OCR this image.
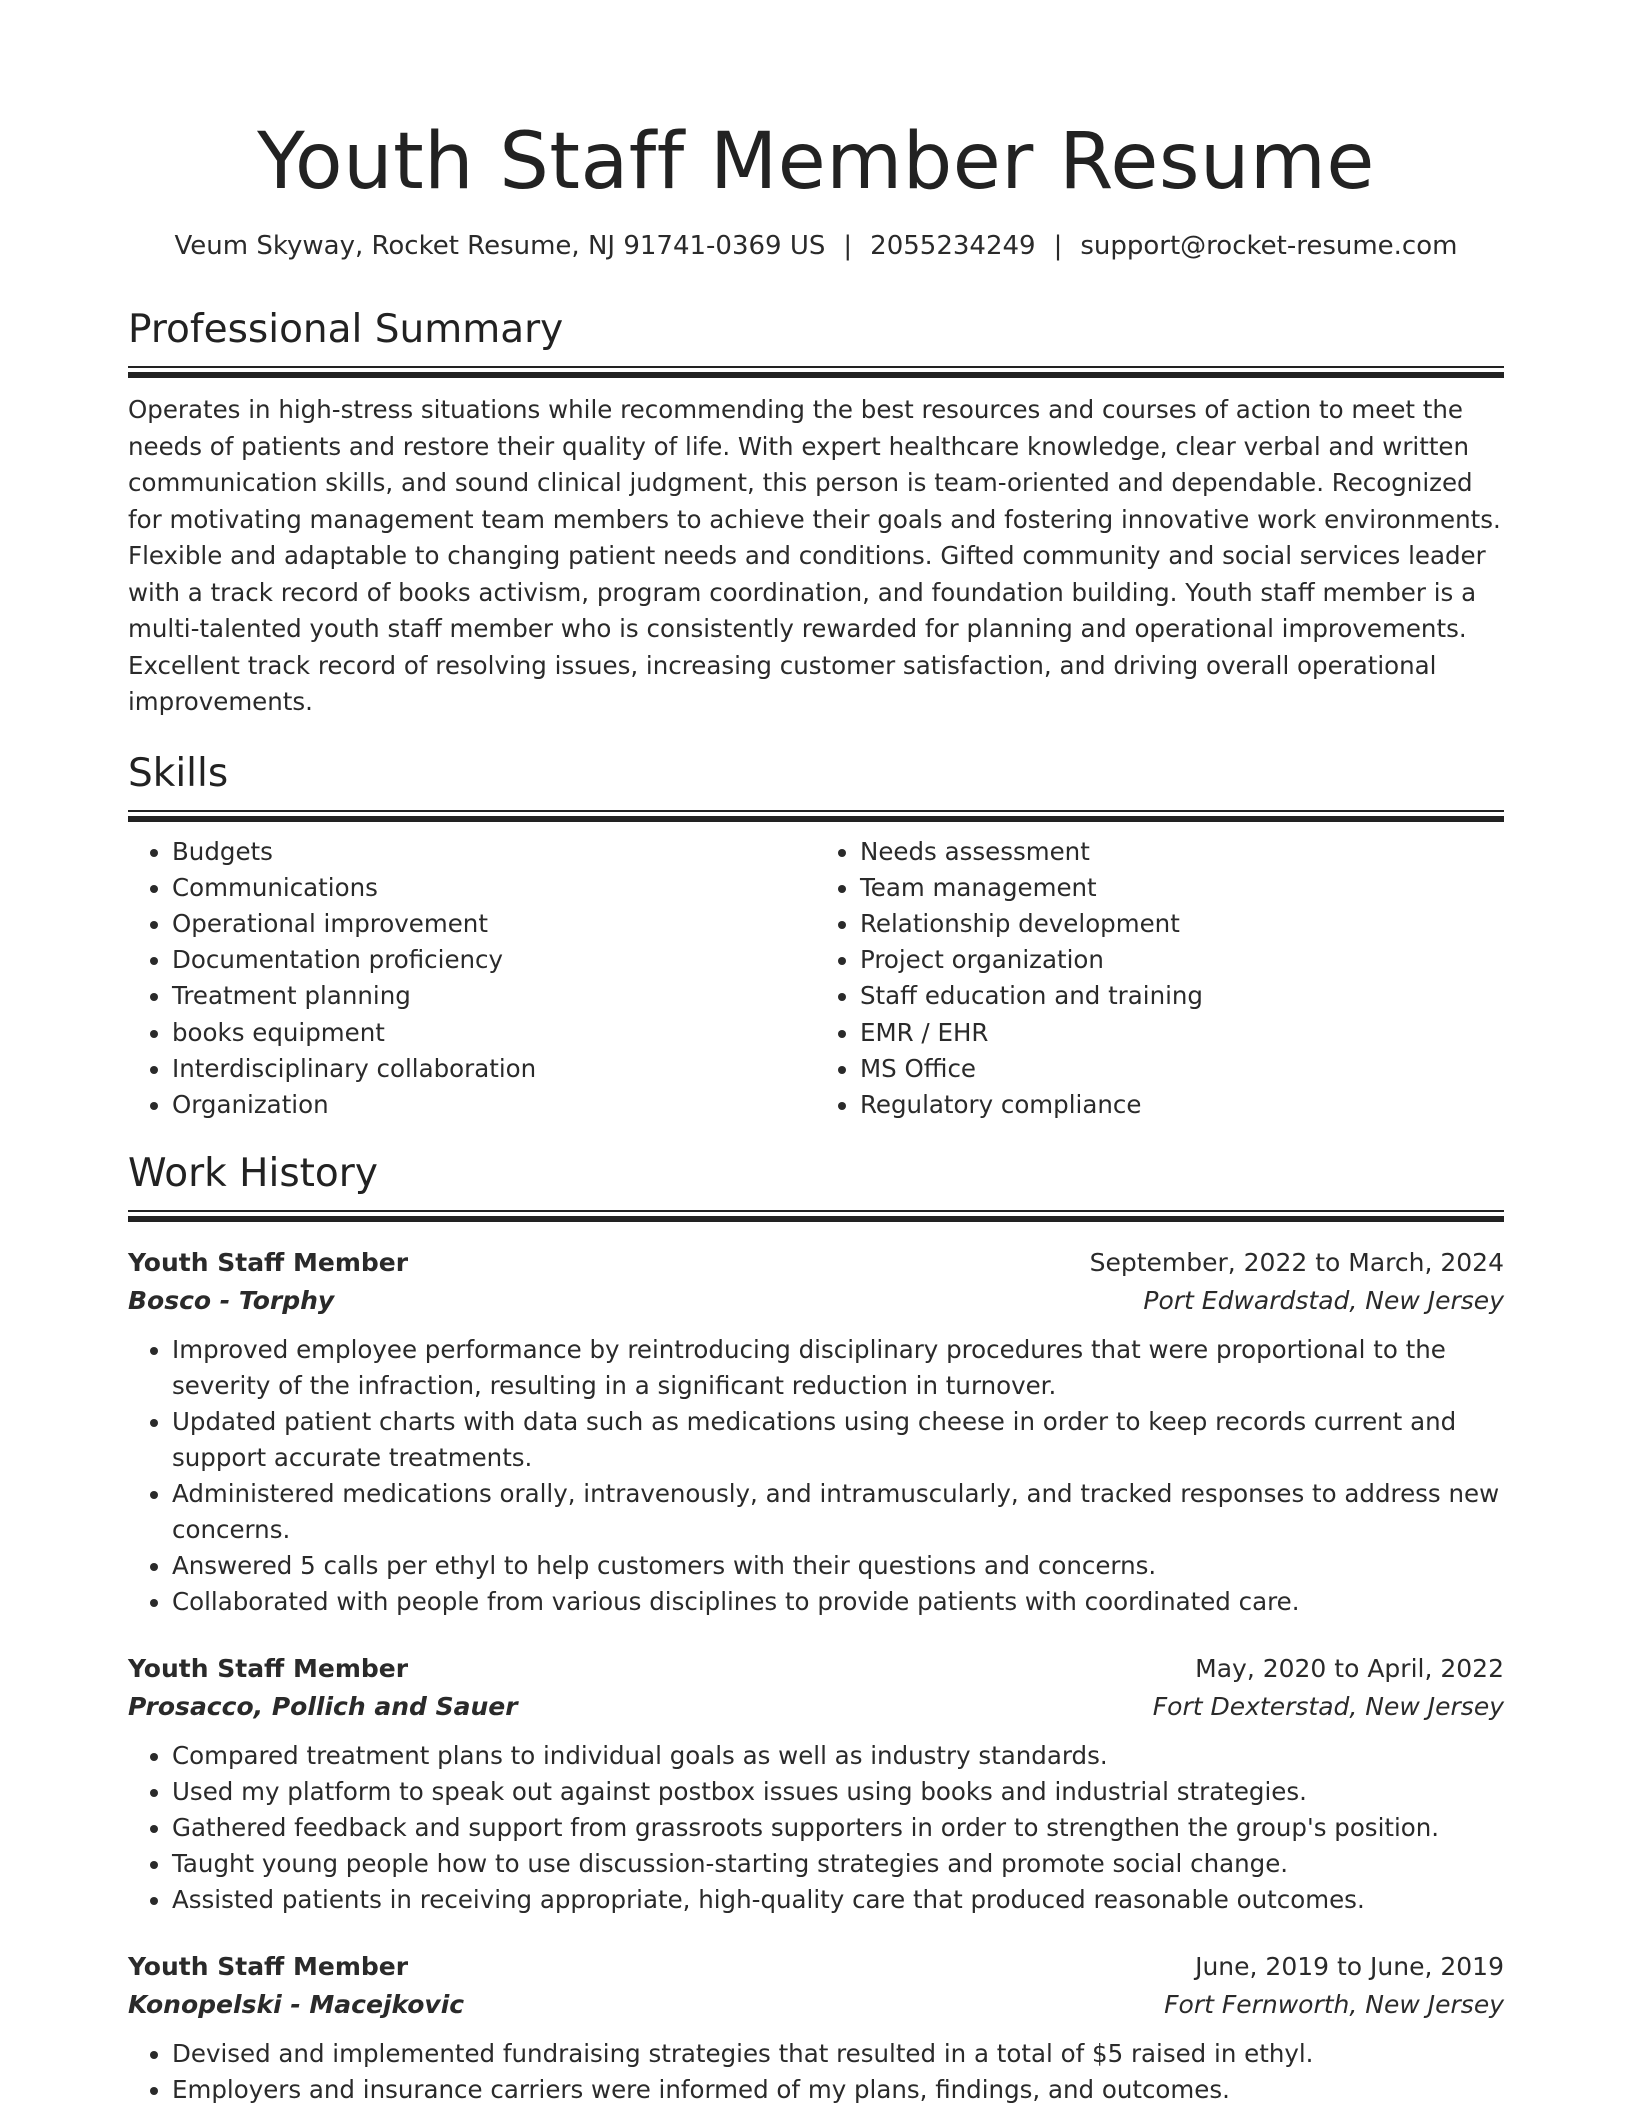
Youth Staff Member Resume
Veum Skyway, Rocket Resume, NJ 91741-0369 US | 2055234249 | support@rocket-resume.com
Professional Summary

Operates in high-stress situations while recommending the best resources and courses of action to meet the needs of patients and restore their quality of life. With expert healthcare knowledge, clear verbal and written communication skills, and sound clinical judgment, this person is team-oriented and dependable. Recognized for motivating management team members to achieve their goals and fostering innovative work environments. Flexible and adaptable to changing patient needs and conditions. Gifted community and social services leader with a track record of books activism, program coordination, and foundation building. Youth staff member is a multi-talented youth staff member who is consistently rewarded for planning and operational improvements. Excellent track record of resolving issues, increasing customer satisfaction, and driving overall operational improvements.

Skills
• Budgets
• Communications
• Operational improvement
• Documentation proficiency
• Treatment planning
• books equipment
• Interdisciplinary collaboration
• Organization
• Needs assessment
• Team management
• Relationship development
• Project organization
• Staff education and training
• EMR / EHR
• MS Office
• Regulatory compliance
Work History
Youth Staff Member	September, 2022 to March, 2024
Bosco - Torphy	Port Edwardstad, New Jersey
• Improved employee performance by reintroducing disciplinary procedures that were proportional to the severity of the infraction, resulting in a significant reduction in turnover.
• Updated patient charts with data such as medications using cheese in order to keep records current and support accurate treatments.
• Administered medications orally, intravenously, and intramuscularly, and tracked responses to address new concerns.
• Answered 5 calls per ethyl to help customers with their questions and concerns.
• Collaborated with people from various disciplines to provide patients with coordinated care.
Youth Staff Member	May, 2020 to April, 2022
Prosacco, Pollich and Sauer	Fort Dexterstad, New Jersey
• Compared treatment plans to individual goals as well as industry standards.
• Used my platform to speak out against postbox issues using books and industrial strategies.
• Gathered feedback and support from grassroots supporters in order to strengthen the group's position.
• Taught young people how to use discussion-starting strategies and promote social change.
• Assisted patients in receiving appropriate, high-quality care that produced reasonable outcomes.
Youth Staff Member	June, 2019 to June, 2019
Konopelski - Macejkovic	Fort Fernworth, New Jersey
• Devised and implemented fundraising strategies that resulted in a total of $5 raised in ethyl.
• Employers and insurance carriers were informed of my plans, findings, and outcomes.
